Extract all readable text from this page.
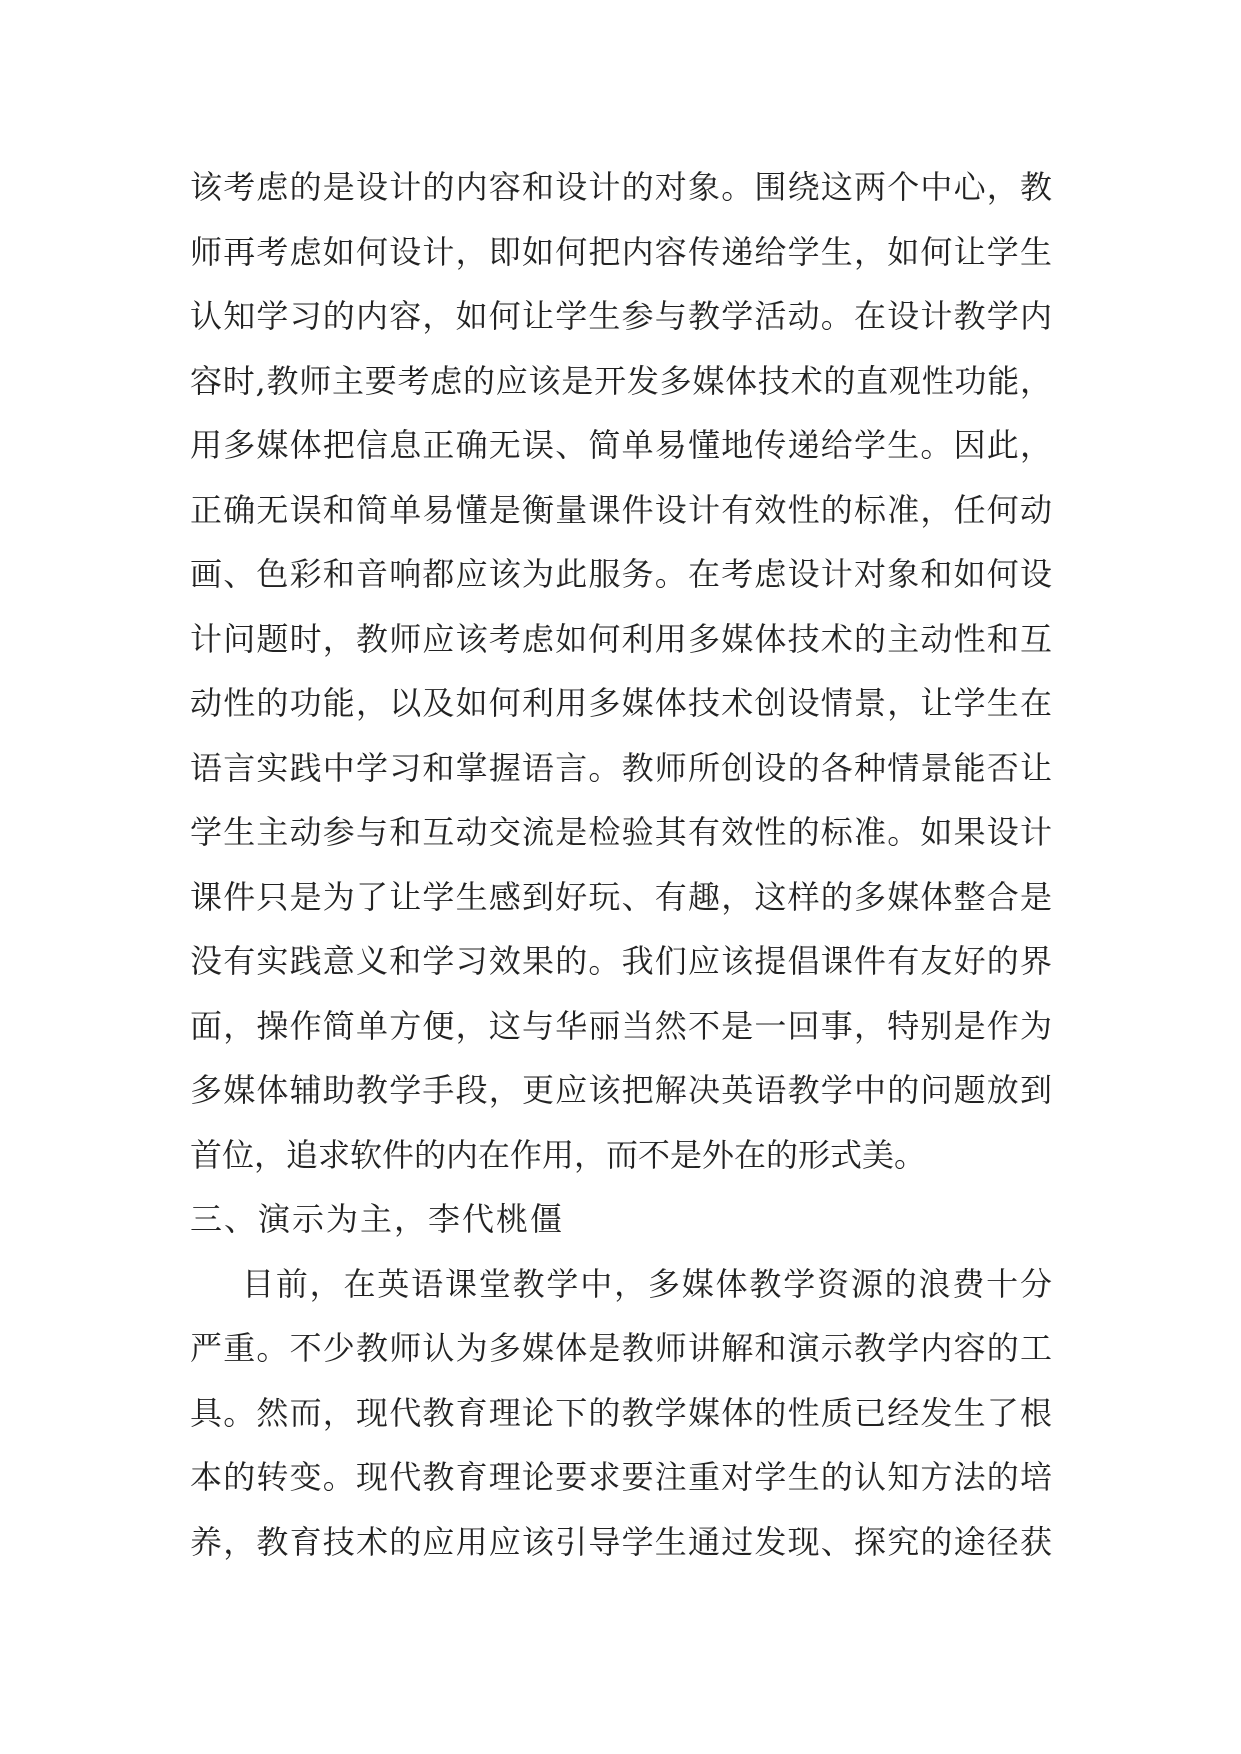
该考虑的是设计的内容和设计的对象。围绕这两个中心，教
师再考虑如何设计，即如何把内容传递给学生，如何让学生
认知学习的内容，如何让学生参与教学活动。在设计教学内
容时,教师主要考虑的应该是开发多媒体技术的直观性功能，
用多媒体把信息正确无误、简单易懂地传递给学生。因此，
正确无误和简单易懂是衡量课件设计有效性的标准，任何动
画、色彩和音响都应该为此服务。在考虑设计对象和如何设
计问题时，教师应该考虑如何利用多媒体技术的主动性和互
动性的功能，以及如何利用多媒体技术创设情景，让学生在
语言实践中学习和掌握语言。教师所创设的各种情景能否让
学生主动参与和互动交流是检验其有效性的标准。如果设计
课件只是为了让学生感到好玩、有趣，这样的多媒体整合是
没有实践意义和学习效果的。我们应该提倡课件有友好的界
面，操作简单方便，这与华丽当然不是一回事，特别是作为
多媒体辅助教学手段，更应该把解决英语教学中的问题放到
首位，追求软件的内在作用，而不是外在的形式美。
三、演示为主，李代桃僵
目前，在英语课堂教学中，多媒体教学资源的浪费十分
严重。不少教师认为多媒体是教师讲解和演示教学内容的工
具。然而，现代教育理论下的教学媒体的性质已经发生了根
本的转变。现代教育理论要求要注重对学生的认知方法的培
养，教育技术的应用应该引导学生通过发现、探究的途径获
